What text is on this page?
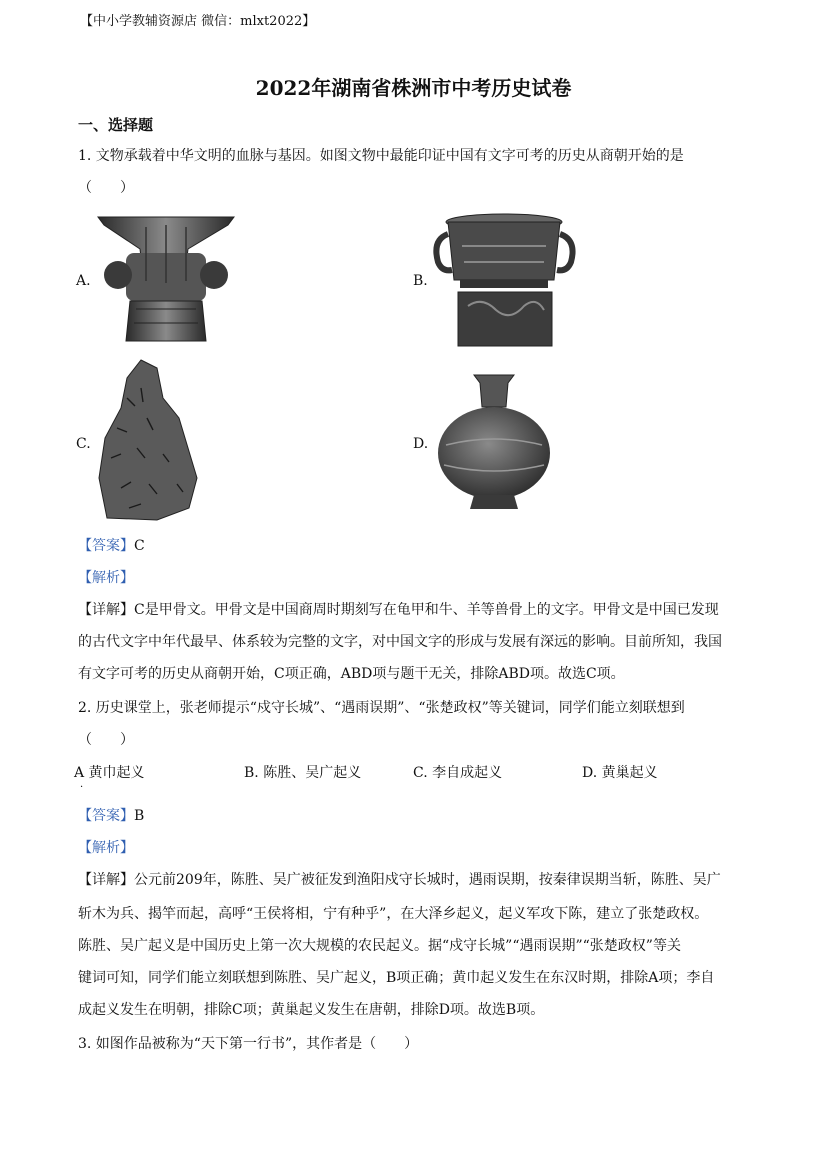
【中小学教辅资源店 微信：mlxt2022】
2022年湖南省株洲市中考历史试卷
一、选择题
1. 文物承载着中华文明的血脉与基因。如图文物中最能印证中国有文字可考的历史从商朝开始的是
（　　）
A.	B.
C.	D.
【答案】C
【解析】
【详解】C是甲骨文。甲骨文是中国商周时期刻写在龟甲和牛、羊等兽骨上的文字。甲骨文是中国已发现
的古代文字中年代最早、体系较为完整的文字，对中国文字的形成与发展有深远的影响。目前所知，我国
有文字可考的历史从商朝开始，C项正确，ABD项与题干无关，排除ABD项。故选C项。
2. 历史课堂上，张老师提示“戍守长城”、“遇雨误期”、“张楚政权”等关键词，同学们能立刻联想到
（　　）
A 黄巾起义	B. 陈胜、吴广起义	C. 李自成起义	D. 黄巢起义
·
【答案】B
【解析】
【详解】公元前209年，陈胜、吴广被征发到渔阳戍守长城时，遇雨误期，按秦律误期当斩，陈胜、吴广
斩木为兵、揭竿而起，高呼“王侯将相，宁有种乎”，在大泽乡起义，起义军攻下陈，建立了张楚政权。
陈胜、吴广起义是中国历史上第一次大规模的农民起义。据“戍守长城”“遇雨误期”“张楚政权”等关
键词可知，同学们能立刻联想到陈胜、吴广起义，B项正确；黄巾起义发生在东汉时期，排除A项；李自
成起义发生在明朝，排除C项；黄巢起义发生在唐朝，排除D项。故选B项。
3. 如图作品被称为“天下第一行书”，其作者是（　　）
